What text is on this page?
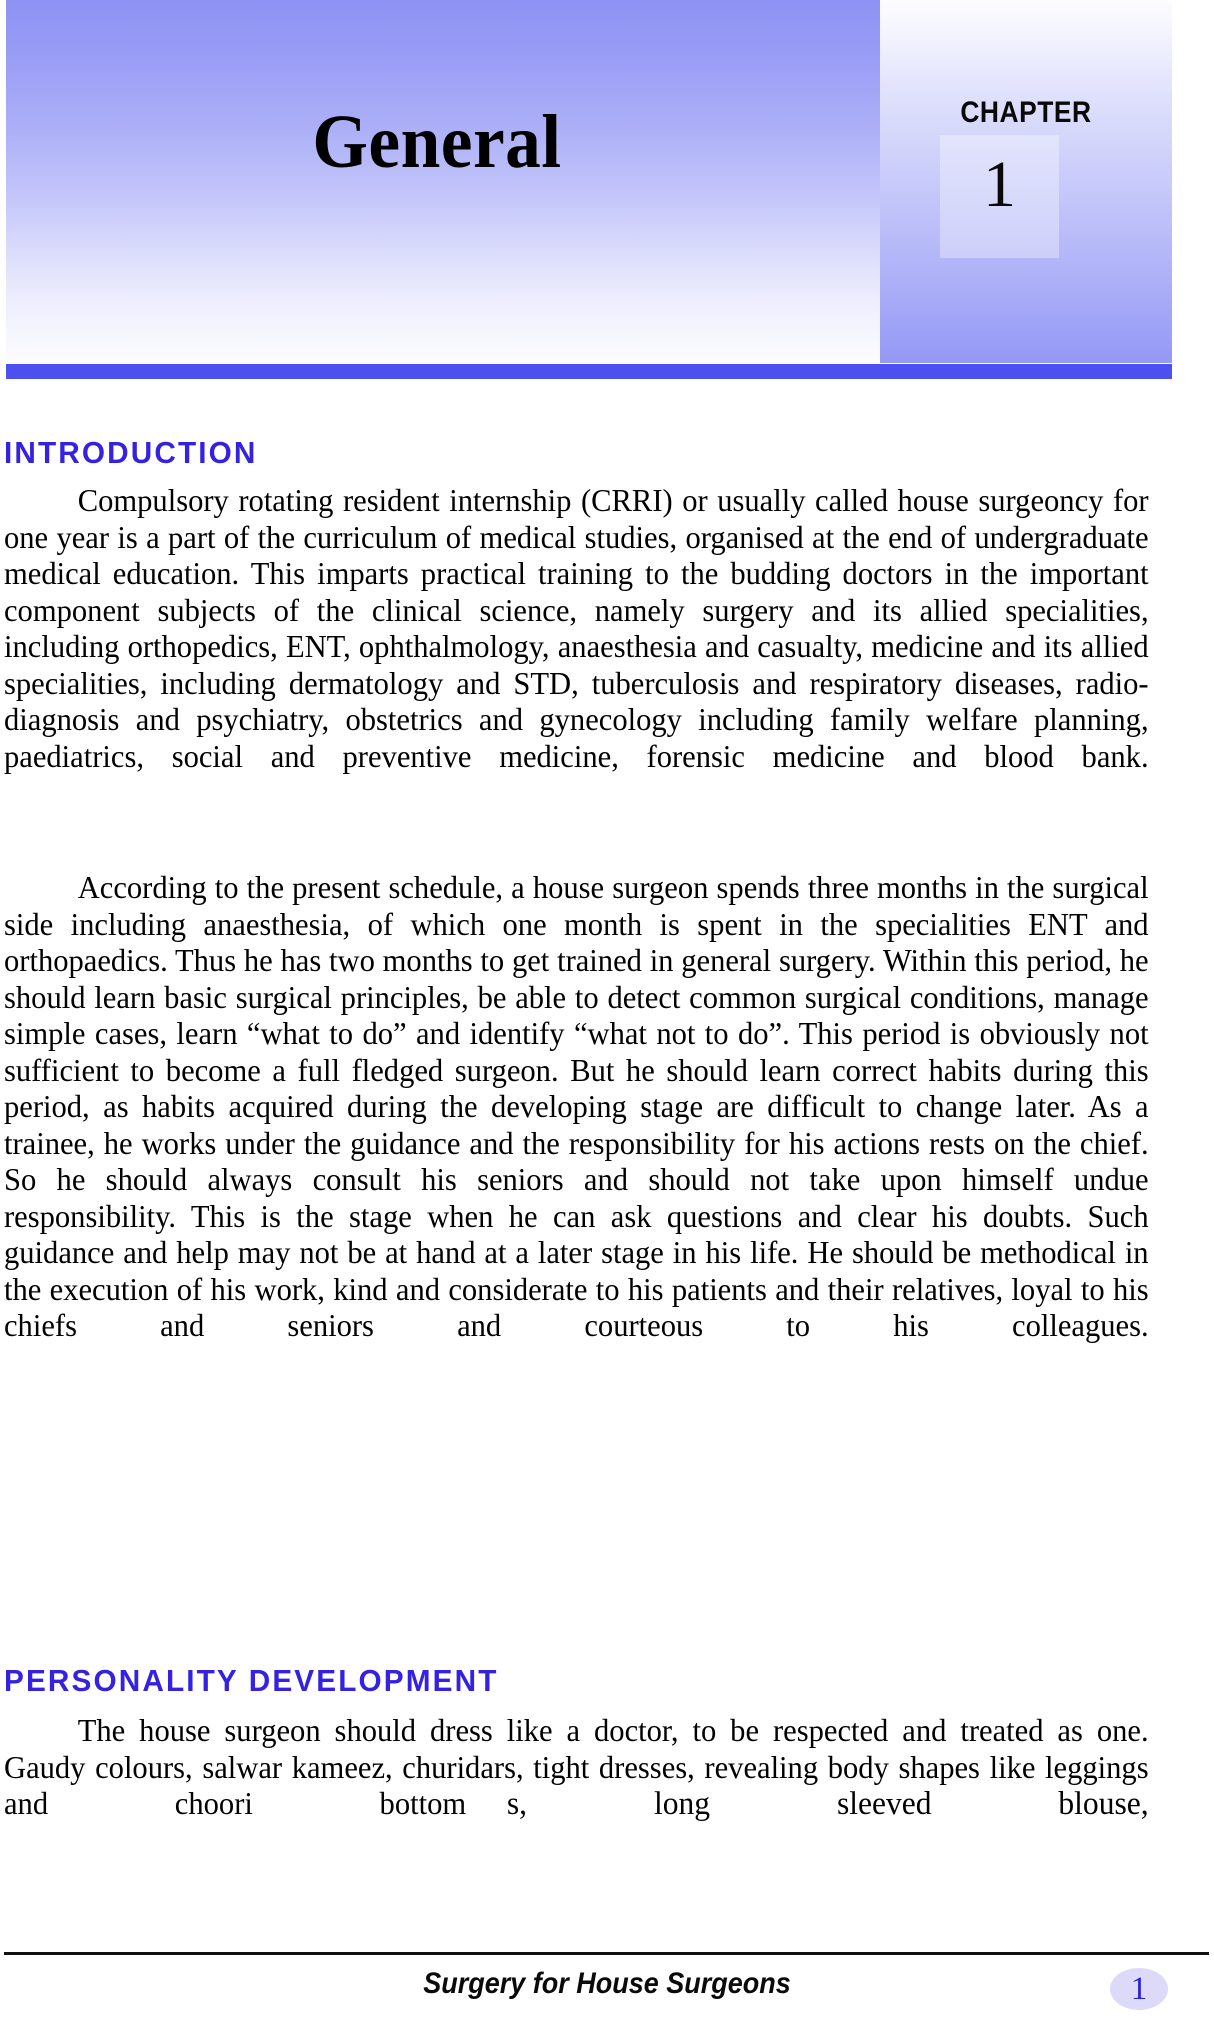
General	CHAPTER
1
INTRODUCTION

Compulsory rotating resident internship (CRRI) or usually called house surgeoncy for one year is a part of the curriculum of medical studies, organised at the end of undergraduate medical education. This imparts practical training to the budding doctors in the important component subjects of the clinical science, namely surgery and its allied specialities, including orthopedics, ENT, ophthalmology, anaesthesia and casualty, medicine and its allied specialities, including dermatology and STD, tuberculosis and respiratory diseases, radio-diagnosis and psychiatry, obstetrics and gynecology including family welfare planning, paediatrics, social and preventive medicine, forensic medicine and blood bank.

According to the present schedule, a house surgeon spends three months in the surgical side including anaesthesia, of which one month is spent in the specialities ENT and orthopaedics. Thus he has two months to get trained in general surgery. Within this period, he should learn basic surgical principles, be able to detect common surgical conditions, manage simple cases, learn “what to do” and identify “what not to do”. This period is obviously not sufficient to become a full fledged surgeon. But he should learn correct habits during this period, as habits acquired during the developing stage are difficult to change later. As a trainee, he works under the guidance and the responsibility for his actions rests on the chief. So he should always consult his seniors and should not take upon himself undue responsibility. This is the stage when he can ask questions and clear his doubts. Such guidance and help may not be at hand at a later stage in his life. He should be methodical in the execution of his work, kind and considerate to his patients and their relatives, loyal to his chiefs and seniors and courteous to his colleagues.

PERSONALITY DEVELOPMENT

The house surgeon should dress like a doctor, to be respected and treated as one. Gaudy colours, salwar kameez, churidars, tight dresses, revealing body shapes like leggings and choori bottom s, long sleeved blouse,

Surgery for House Surgeons	1
